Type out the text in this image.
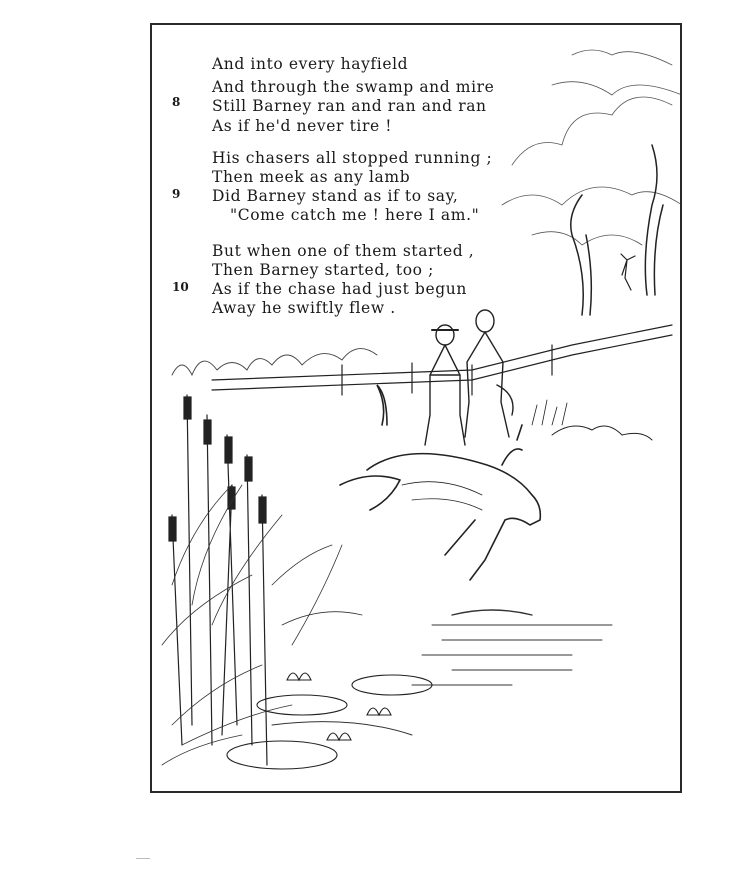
And into every hayfield
And through the swamp and mire
8 Still Barney ran and ran and ran
As if he'd never tire !
9
His chasers all stopped running ;
Then meek as any lamb
Did Barney stand as if to say,
"Come catch me ! here I am."
10
But when one of them started ,
Then Barney started, too ;
As if the chase had just begun
Away he swiftly flew .
